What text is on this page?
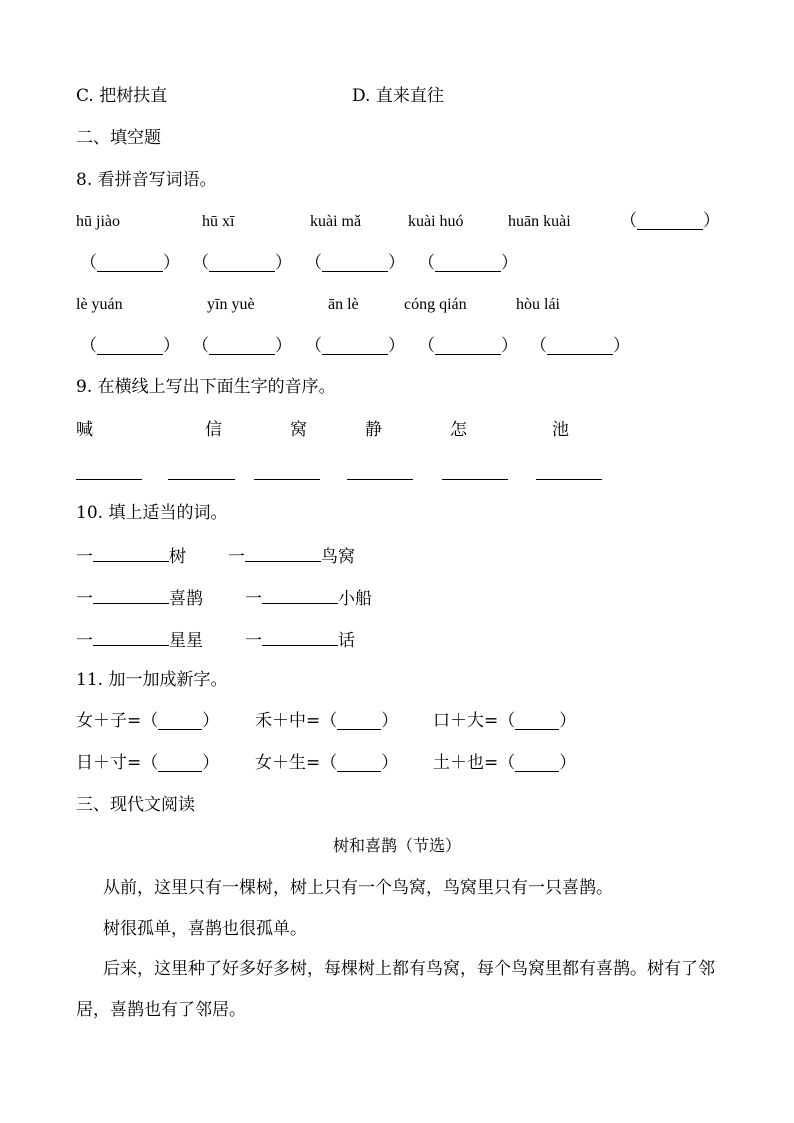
C. 把树扶直	D. 直来直往
二、填空题
8. 看拼音写词语。
hū jiào	hū xī	kuài mǎ	kuài huó	huān kuài	（	）
（	） （	） （	） （	）
lè yuán	yīn yuè	ān lè	cóng qián	hòu lái
（	） （	） （	） （	） （	）
9. 在横线上写出下面生字的音序。
喊	信	窝	静	怎	池
10. 填上适当的词。
一	树 一	鸟窝
一	喜鹊 一	小船
一	星星 一	话
11. 加一加成新字。
女＋子= （	） 禾＋中= （	） 口＋大= （	）
日＋寸= （	） 女＋生= （	） 土＋也= （	）
三、现代文阅读
树和喜鹊（节选）
从前，这里只有一棵树，树上只有一个鸟窝，鸟窝里只有一只喜鹊。
树很孤单，喜鹊也很孤单。
后来，这里种了好多好多树，每棵树上都有鸟窝，每个鸟窝里都有喜鹊。树有了邻居，喜鹊也有了邻居。
